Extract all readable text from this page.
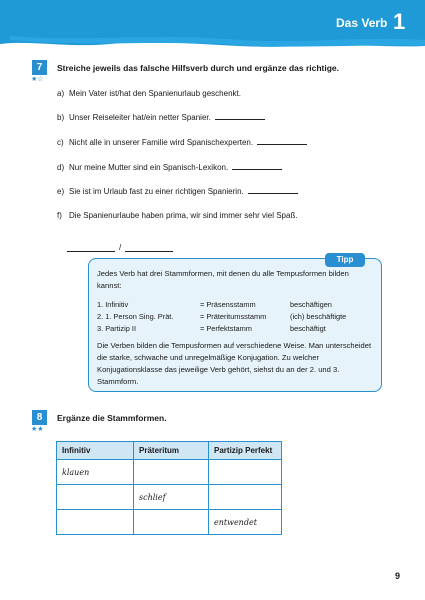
Das Verb 1
7
★☆
Streiche jeweils das falsche Hilfsverb durch und ergänze das richtige.
a) Mein Vater ist/hat den Spanienurlaub geschenkt.
b) Unser Reiseleiter hat/ein netter Spanier.
c) Nicht alle in unserer Familie wird Spanischexperten.
d) Nur meine Mutter sind ein Spanisch-Lexikon.
e) Sie ist im Urlaub fast zu einer richtigen Spanierin.
f) Die Spanienurlaube haben prima, wir sind immer sehr viel Spaß.
/
Tipp
Jedes Verb hat drei Stammformen, mit denen du alle Tempusformen bilden kannst:
1. Infinitiv	= Präsensstamm	beschäftigen
2. 1. Person Sing. Prät.	= Präteritumsstamm	(ich) beschäftigte
3. Partizip II	= Perfektstamm	beschäftigt
Die Verben bilden die Tempusformen auf verschiedene Weise. Man unterscheidet die starke, schwache und unregelmäßige Konjugation. Zu welcher Konjugationsklasse das jeweilige Verb gehört, siehst du an der 2. und 3. Stammform.
8
★★
Ergänze die Stammformen.
Infinitiv	Präteritum	Partizip Perfekt
klauen		
	schlief	
		entwendet
9
